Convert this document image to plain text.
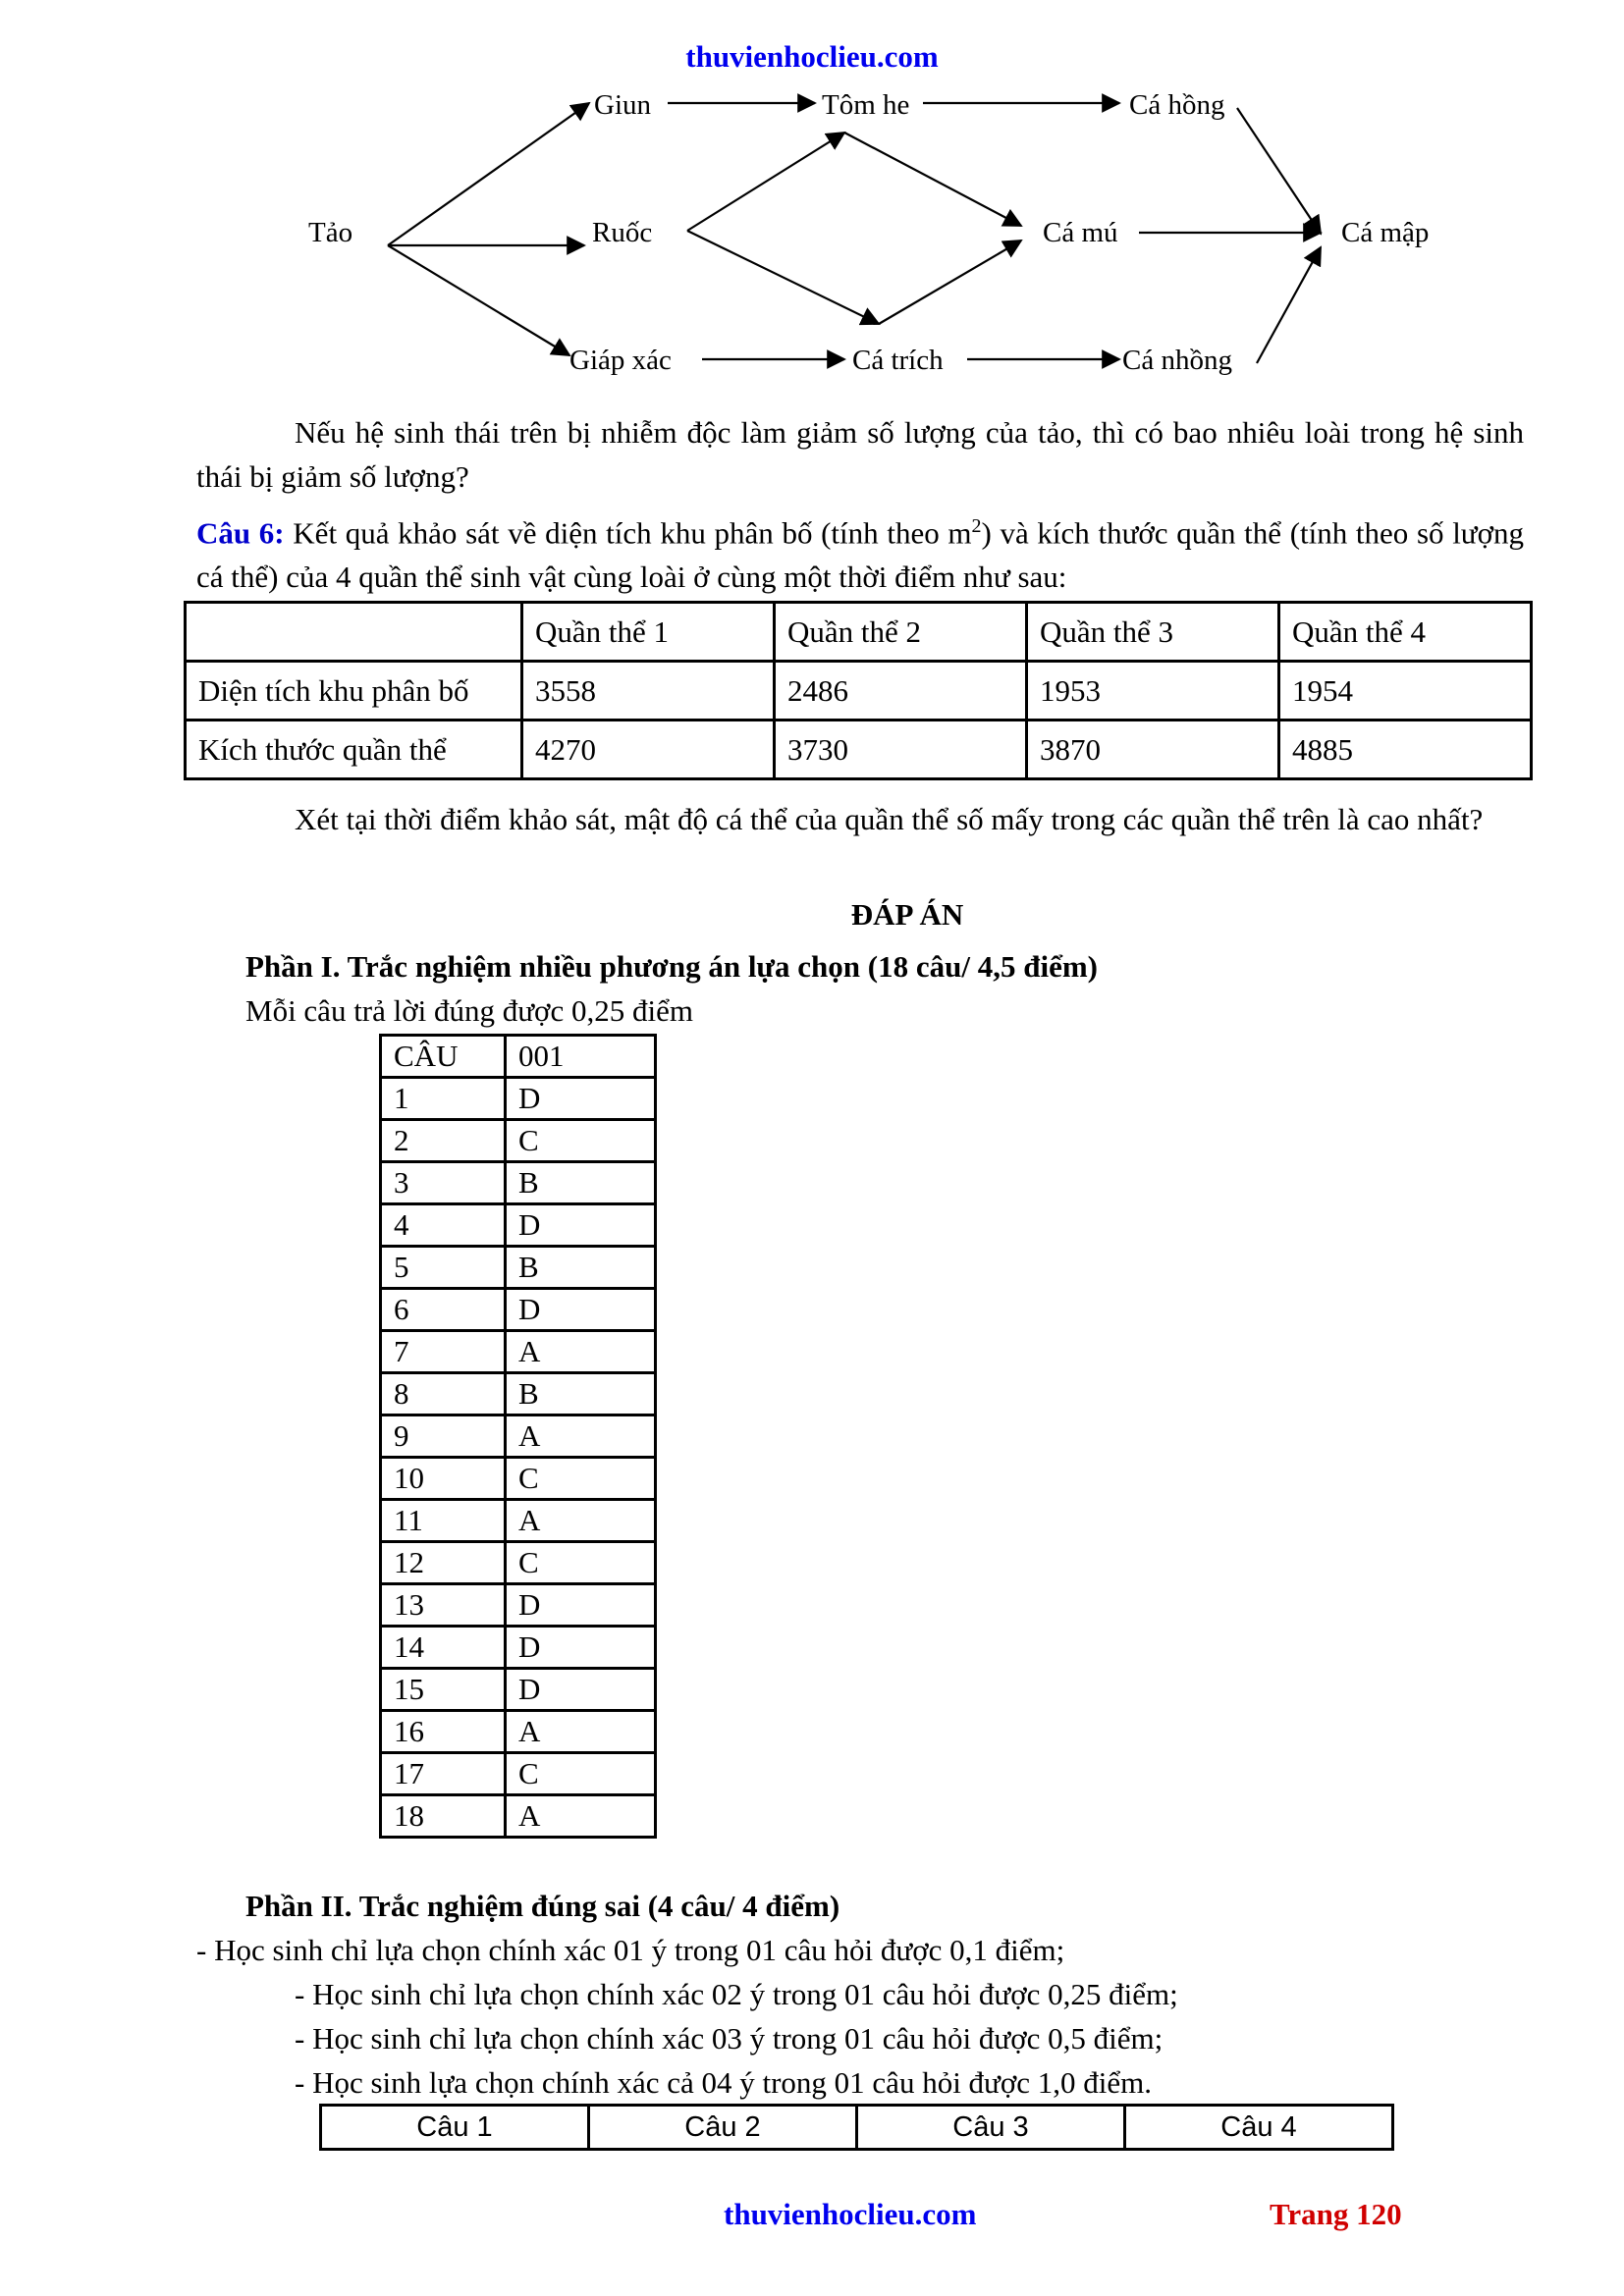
thuvienhoclieu.com
Tảo
Giun
Ruốc
Giáp xác
Tôm he
Cá mú
Cá trích
Cá hồng
Cá nhồng
Cá mập

Nếu hệ sinh thái trên bị nhiễm độc làm giảm số lượng của tảo, thì có bao nhiêu loài trong hệ sinh thái bị giảm số lượng?

Câu 6: Kết quả khảo sát về diện tích khu phân bố (tính theo $m^2$) và kích thước quần thể (tính theo số lượng cá thể) của 4 quần thể sinh vật cùng loài ở cùng một thời điểm như sau:

	Quần thể 1	Quần thể 2	Quần thể 3	Quần thể 4
Diện tích khu phân bố	3558	2486	1953	1954
Kích thước quần thể	4270	3730	3870	4885

Xét tại thời điểm khảo sát, mật độ cá thể của quần thể số mấy trong các quần thể trên là cao nhất?

ĐÁP ÁN
Phần I. Trắc nghiệm nhiều phương án lựa chọn (18 câu/ 4,5 điểm)
Mỗi câu trả lời đúng được 0,25 điểm
CÂU	001
1	D
2	C
3	B
4	D
5	B
6	D
7	A
8	B
9	A
10	C
11	A
12	C
13	D
14	D
15	D
16	A
17	C
18	A
Phần II. Trắc nghiệm đúng sai (4 câu/ 4 điểm)
- Học sinh chỉ lựa chọn chính xác 01 ý trong 01 câu hỏi được 0,1 điểm;
- Học sinh chỉ lựa chọn chính xác 02 ý trong 01 câu hỏi được 0,25 điểm;
- Học sinh chỉ lựa chọn chính xác 03 ý trong 01 câu hỏi được 0,5 điểm;
- Học sinh lựa chọn chính xác cả 04 ý trong 01 câu hỏi được 1,0 điểm.
Câu 1	Câu 2	Câu 3	Câu 4
thuvienhoclieu.com	Trang 120
